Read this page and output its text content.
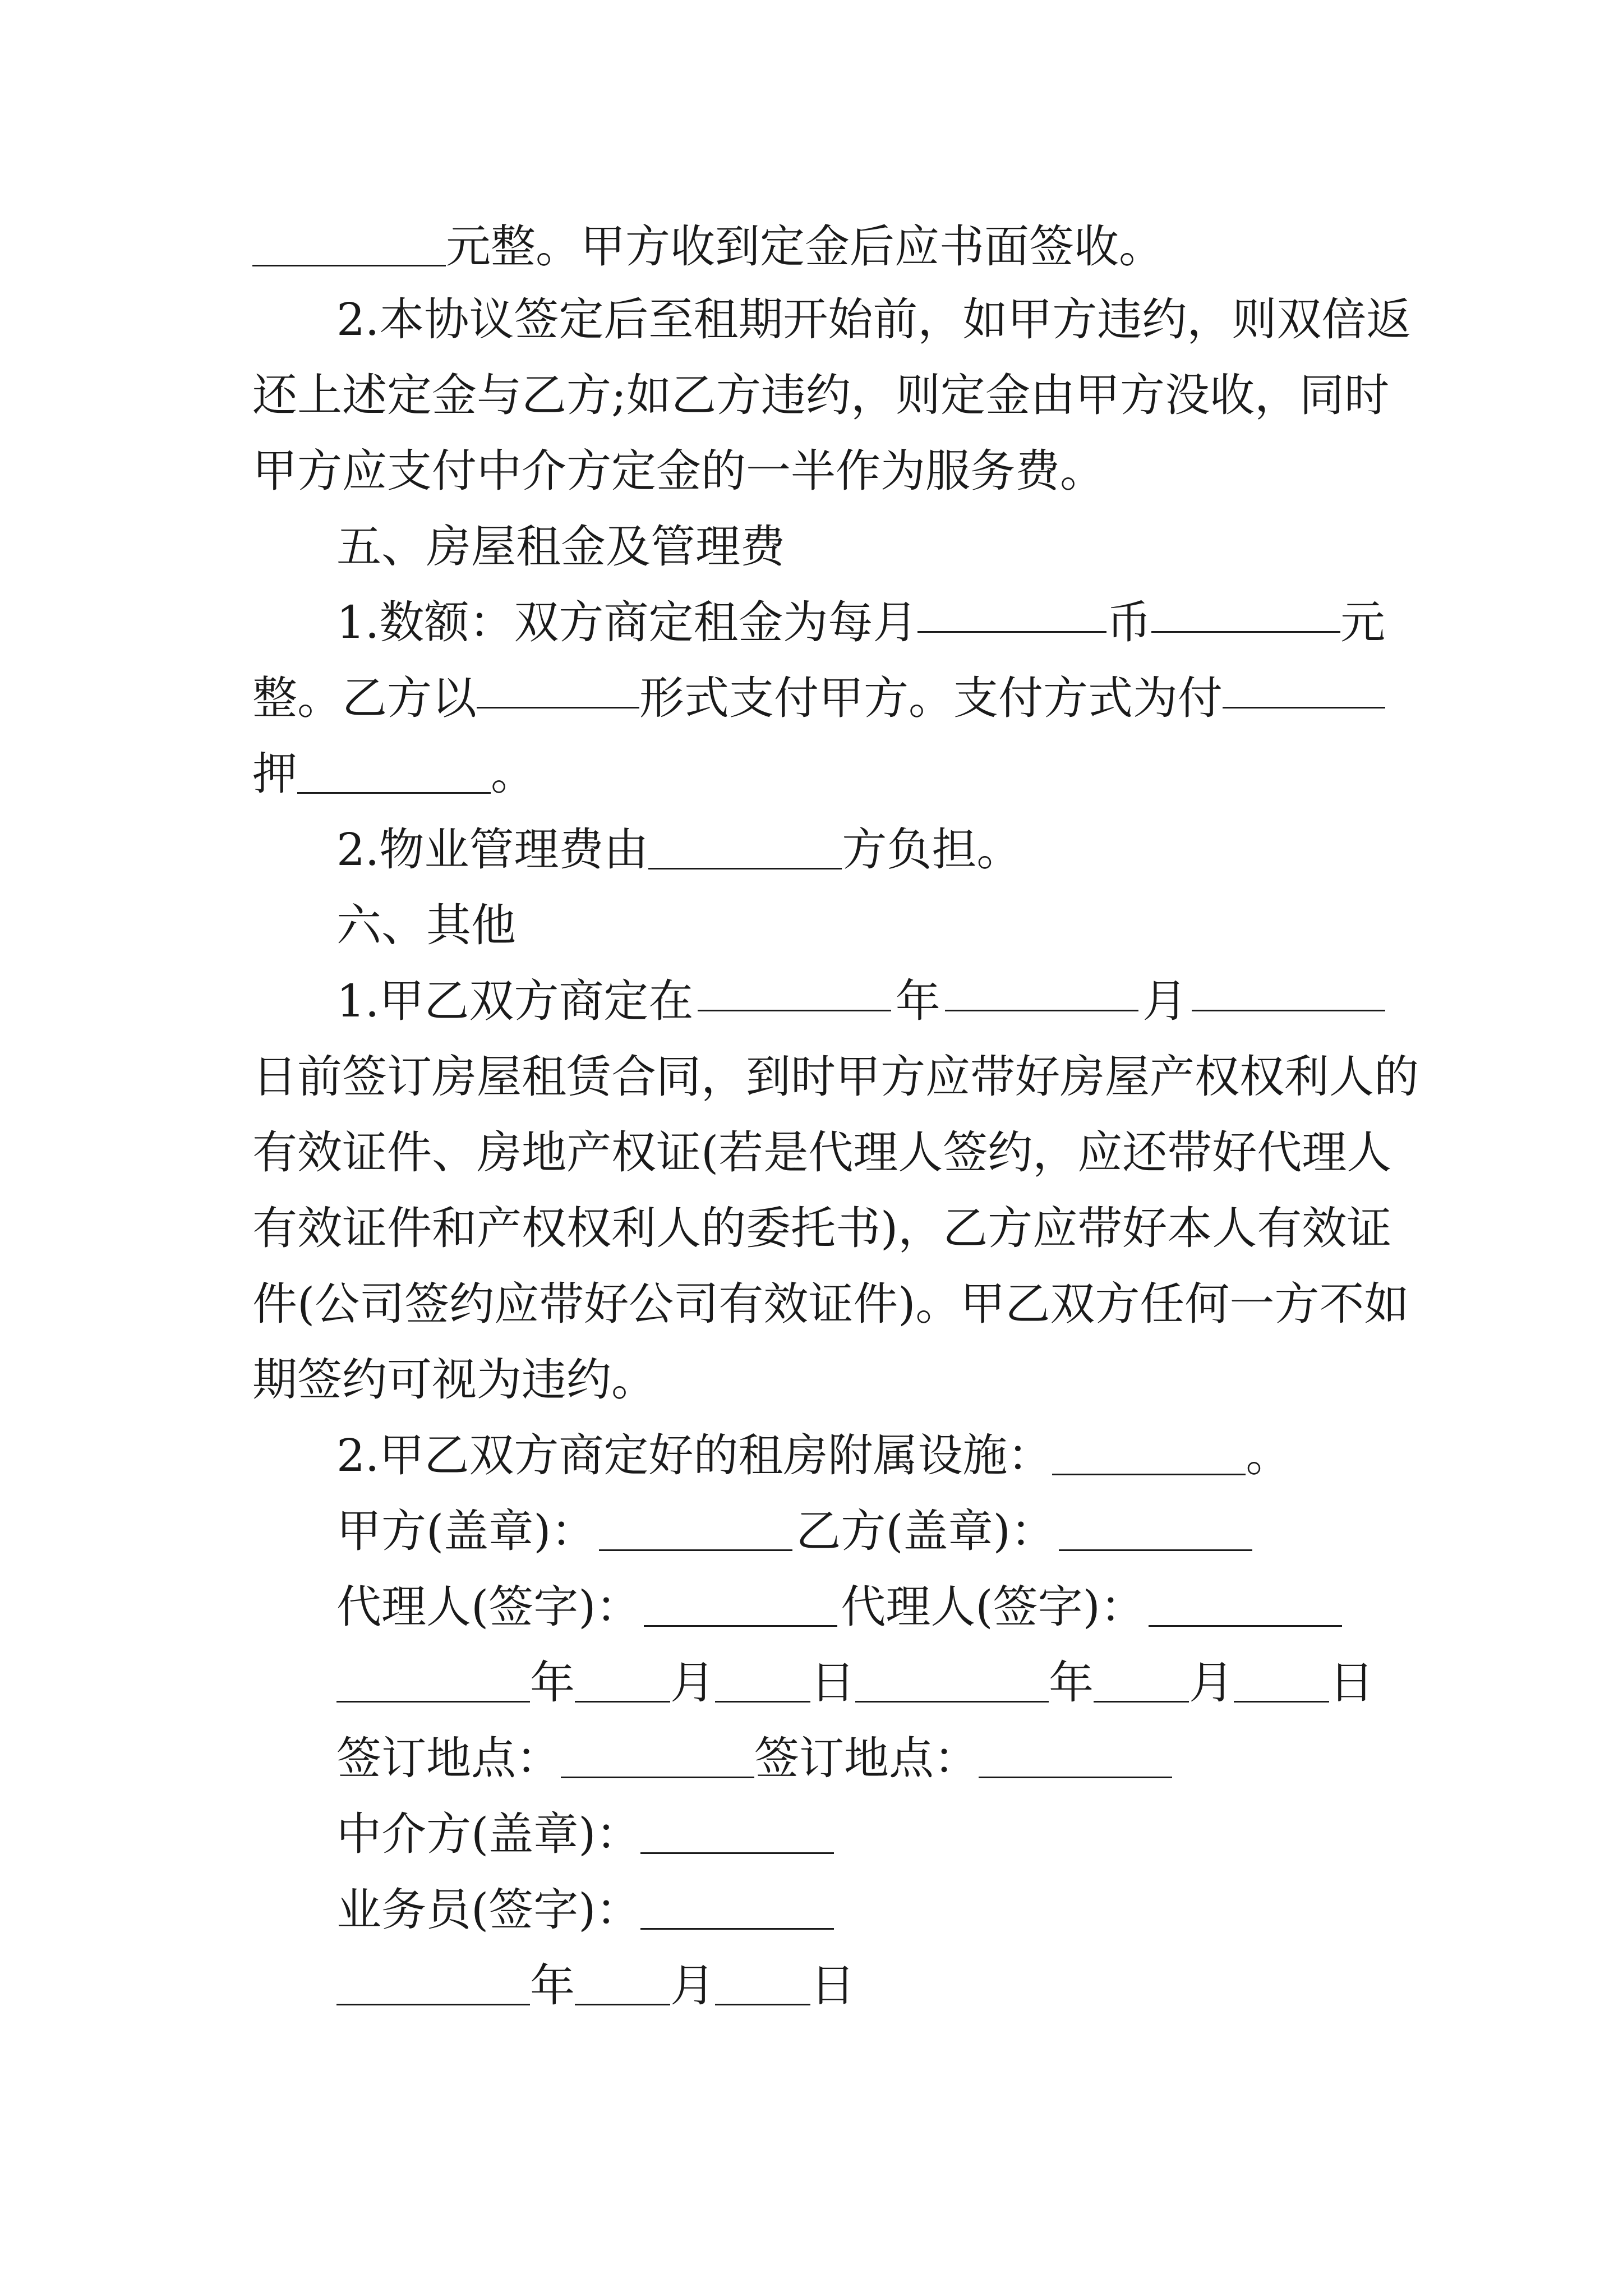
元整。甲方收到定金后应书面签收。
2.本协议签定后至租期开始前，如甲方违约，则双倍返
还上述定金与乙方;如乙方违约，则定金由甲方没收，同时
甲方应支付中介方定金的一半作为服务费。
五、房屋租金及管理费
1.数额：双方商定租金为每月	币	元
整。乙方以	形式支付甲方。支付方式为付
押	。
2.物业管理费由	方负担。
六、其他
1.甲乙双方商定在	年	月
日前签订房屋租赁合同，到时甲方应带好房屋产权权利人的
有效证件、房地产权证(若是代理人签约，应还带好代理人
有效证件和产权权利人的委托书)，乙方应带好本人有效证
件(公司签约应带好公司有效证件)。甲乙双方任何一方不如
期签约可视为违约。
2.甲乙双方商定好的租房附属设施：	。
甲方(盖章)：	乙方(盖章)：
代理人(签字)：	代理人(签字)：
年 月 日	年 月 日
签订地点：	签订地点：
中介方(盖章)：
业务员(签字)：
年 月 日
